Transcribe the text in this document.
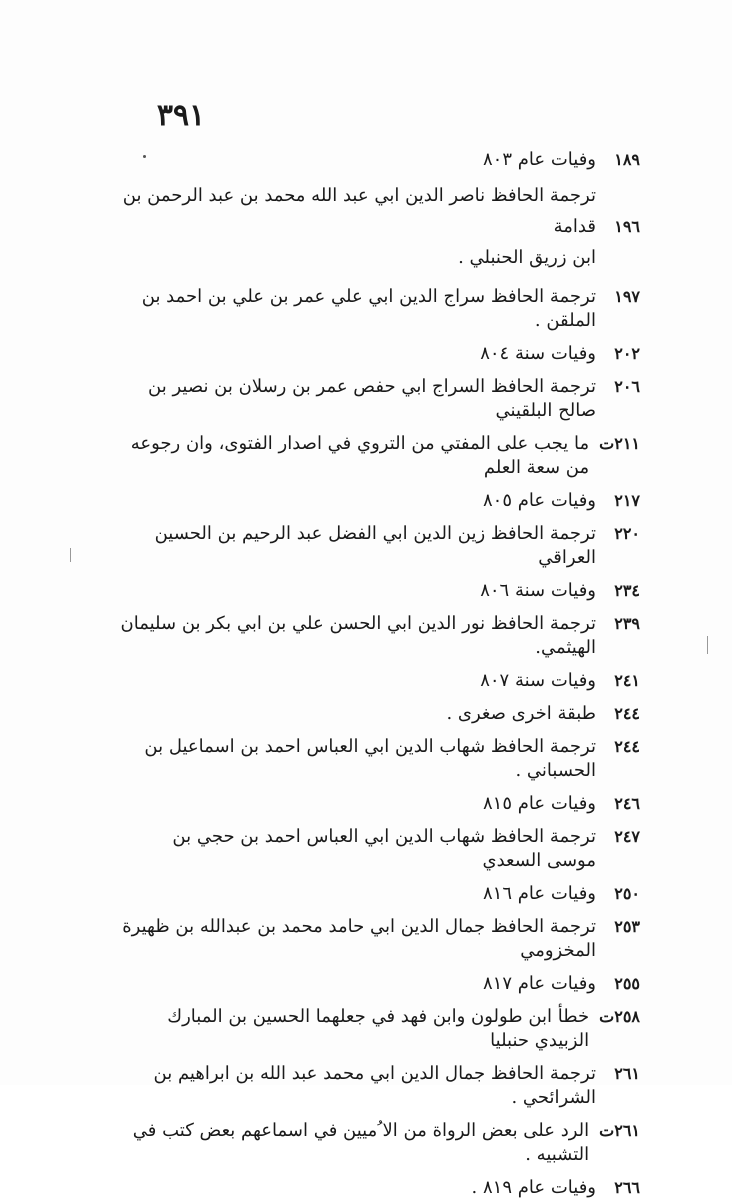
٣٩١
١٨٩
وفيات عام ٨٠٣
١٩٦
ترجمة الحافظ ناصر الدين ابي عبد الله محمد بن عبد الرحمن بن قدامة
ابن زريق الحنبلي .
١٩٧
ترجمة الحافظ سراج الدين ابي علي عمر بن علي بن احمد بن الملقن .
٢٠٢
وفيات سنة ٨٠٤
٢٠٦
ترجمة الحافظ السراج ابي حفص عمر بن رسلان بن نصير بن صالح البلقيني
٢١١ت
ما يجب على المفتي من التروي في اصدار الفتوى، وان رجوعه من سعة العلم
٢١٧
وفيات عام ٨٠٥
٢٢٠
ترجمة الحافظ زين الدين ابي الفضل عبد الرحيم بن الحسين العراقي
٢٣٤
وفيات سنة ٨٠٦
٢٣٩
ترجمة الحافظ نور الدين ابي الحسن علي بن ابي بكر بن سليمان الهيثمي.
٢٤١
وفيات سنة ٨٠٧
٢٤٤
طبقة اخرى صغرى .
٢٤٤
ترجمة الحافظ شهاب الدين ابي العباس احمد بن اسماعيل بن الحسباني .
٢٤٦
وفيات عام ٨١٥
٢٤٧
ترجمة الحافظ شهاب الدين ابي العباس احمد بن حجي بن موسى السعدي
٢٥٠
وفيات عام ٨١٦
٢٥٣
ترجمة الحافظ جمال الدين ابي حامد محمد بن عبدالله بن ظهيرة المخزومي
٢٥٥
وفيات عام ٨١٧
٢٥٨ت
خطأ ابن طولون وابن فهد في جعلهما الحسين بن المبارك الزبيدي حنبليا
٢٦١
ترجمة الحافظ جمال الدين ابي محمد عبد الله بن ابراهيم بن الشرائحي .
٢٦١ت
الرد على بعض الرواة من الا ُميين في اسماعهم بعض كتب في التشبيه .
٢٦٦
وفيات عام ٨١٩ .
